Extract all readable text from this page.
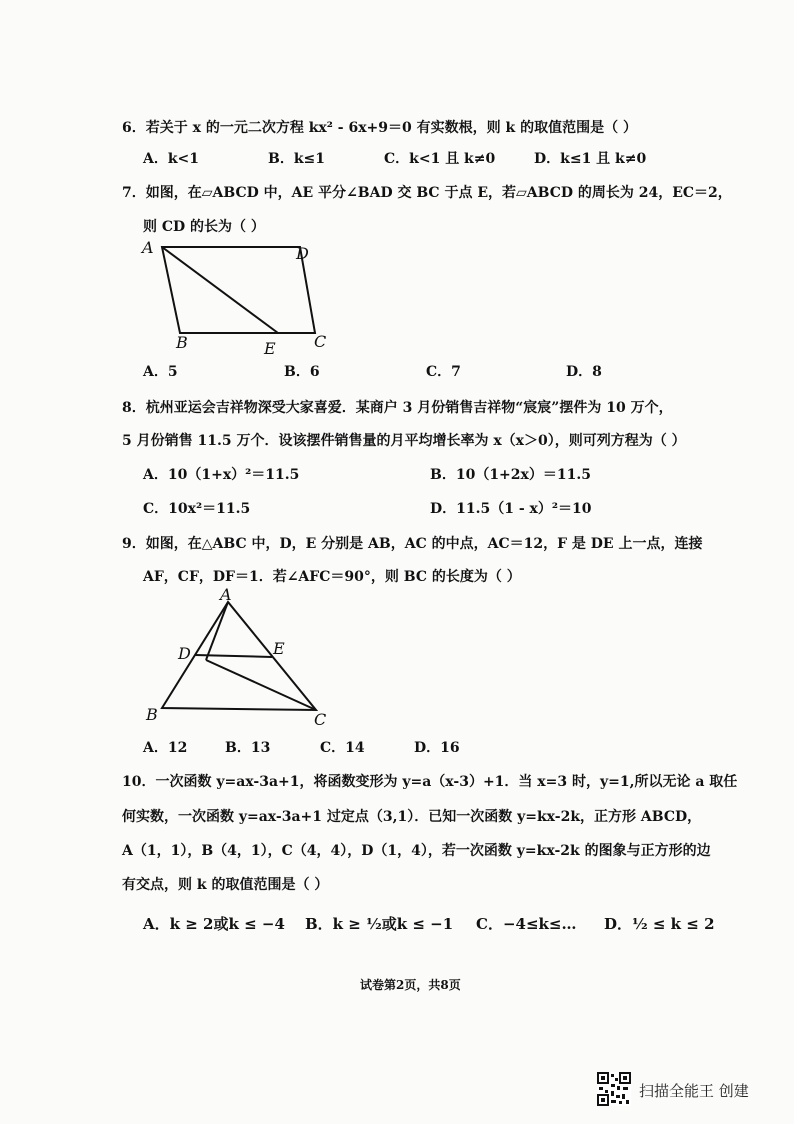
6．若关于 x 的一元二次方程 kx² - 6x+9＝0 有实数根，则 k 的取值范围是（ ）
A．k<1	B．k≤1	C．k<1 且 k≠0	D．k≤1 且 k≠0
7．如图，在▱ABCD 中，AE 平分∠BAD 交 BC 于点 E，若▱ABCD 的周长为 24，EC＝2，
则 CD 的长为（ ）
A	D
B	E C
A．5	B．6	C．7	D．8
8．杭州亚运会吉祥物深受大家喜爱．某商户 3 月份销售吉祥物“宸宸”摆件为 10 万个，
5 月份销售 11.5 万个．设该摆件销售量的月平均增长率为 x（x＞0），则可列方程为（ ）
A．10（1+x）²＝11.5	B．10（1+2x）＝11.5
C．10x²＝11.5	D．11.5（1 - x）²＝10
9．如图，在△ABC 中，D，E 分别是 AB，AC 的中点，AC＝12，F 是 DE 上一点，连接
AF，CF，DF＝1．若∠AFC＝90°，则 BC 的长度为（ ）
A
D	E
B	C
A．12	B．13	C．14	D．16
10．一次函数 y=ax-3a+1，将函数变形为 y=a（x-3）+1．当 x=3 时，y=1,所以无论 a 取任
何实数，一次函数 y=ax-3a+1 过定点（3,1）．已知一次函数 y=kx-2k，正方形 ABCD，
A（1，1），B（4，1），C（4，4），D（1，4），若一次函数 y=kx-2k 的图象与正方形的边
有交点，则 k 的取值范围是（ ）
A．k ≥ 2或k ≤ −4 B．k ≥ ½或k ≤ −1 C．−4≤k≤… D．½ ≤ k ≤ 2
试卷第2页，共8页
扫描全能王 创建
